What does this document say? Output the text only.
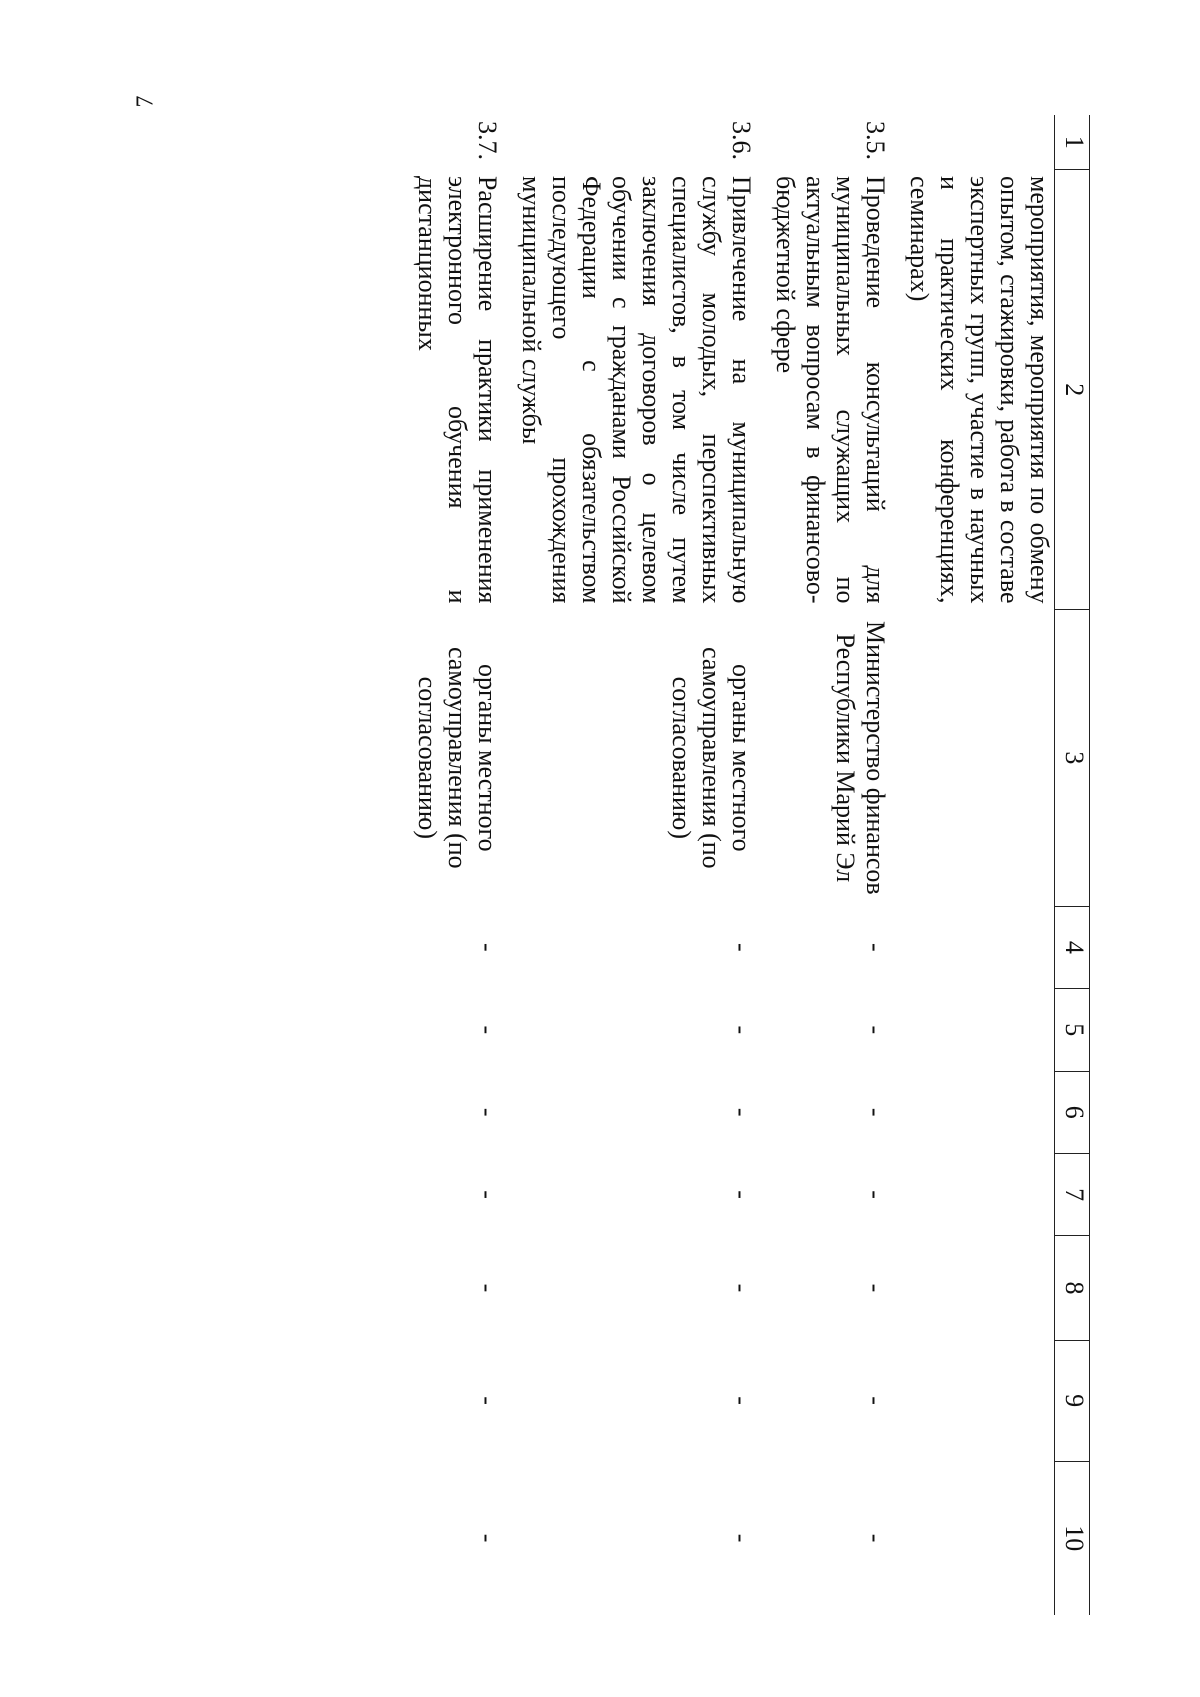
7
1	2	3	4	5	6	7	8	9	10
	мероприятия, мероприятия по обмену опытом, стажировки, работа в составе экспертных групп, участие в научных и практических конференциях, семинарах)								
3.5.	Проведение консультаций для муниципальных служащих по актуальным вопросам в финансово-бюджетной сфере	Министерство финансов Республики Марий Эл	-	-	-	-	-	-	-
3.6.	Привлечение на муниципальную службу молодых, перспективных специалистов, в том числе путем заключения договоров о целевом обучении с гражданами Российской Федерации с обязательством последующего прохождения муниципальной службы	органы местного самоуправления (по согласованию)	-	-	-	-	-	-	-
3.7.	Расширение практики применения электронного обучения и дистанционных	органы местного самоуправления (по согласованию)	-	-	-	-	-	-	-
